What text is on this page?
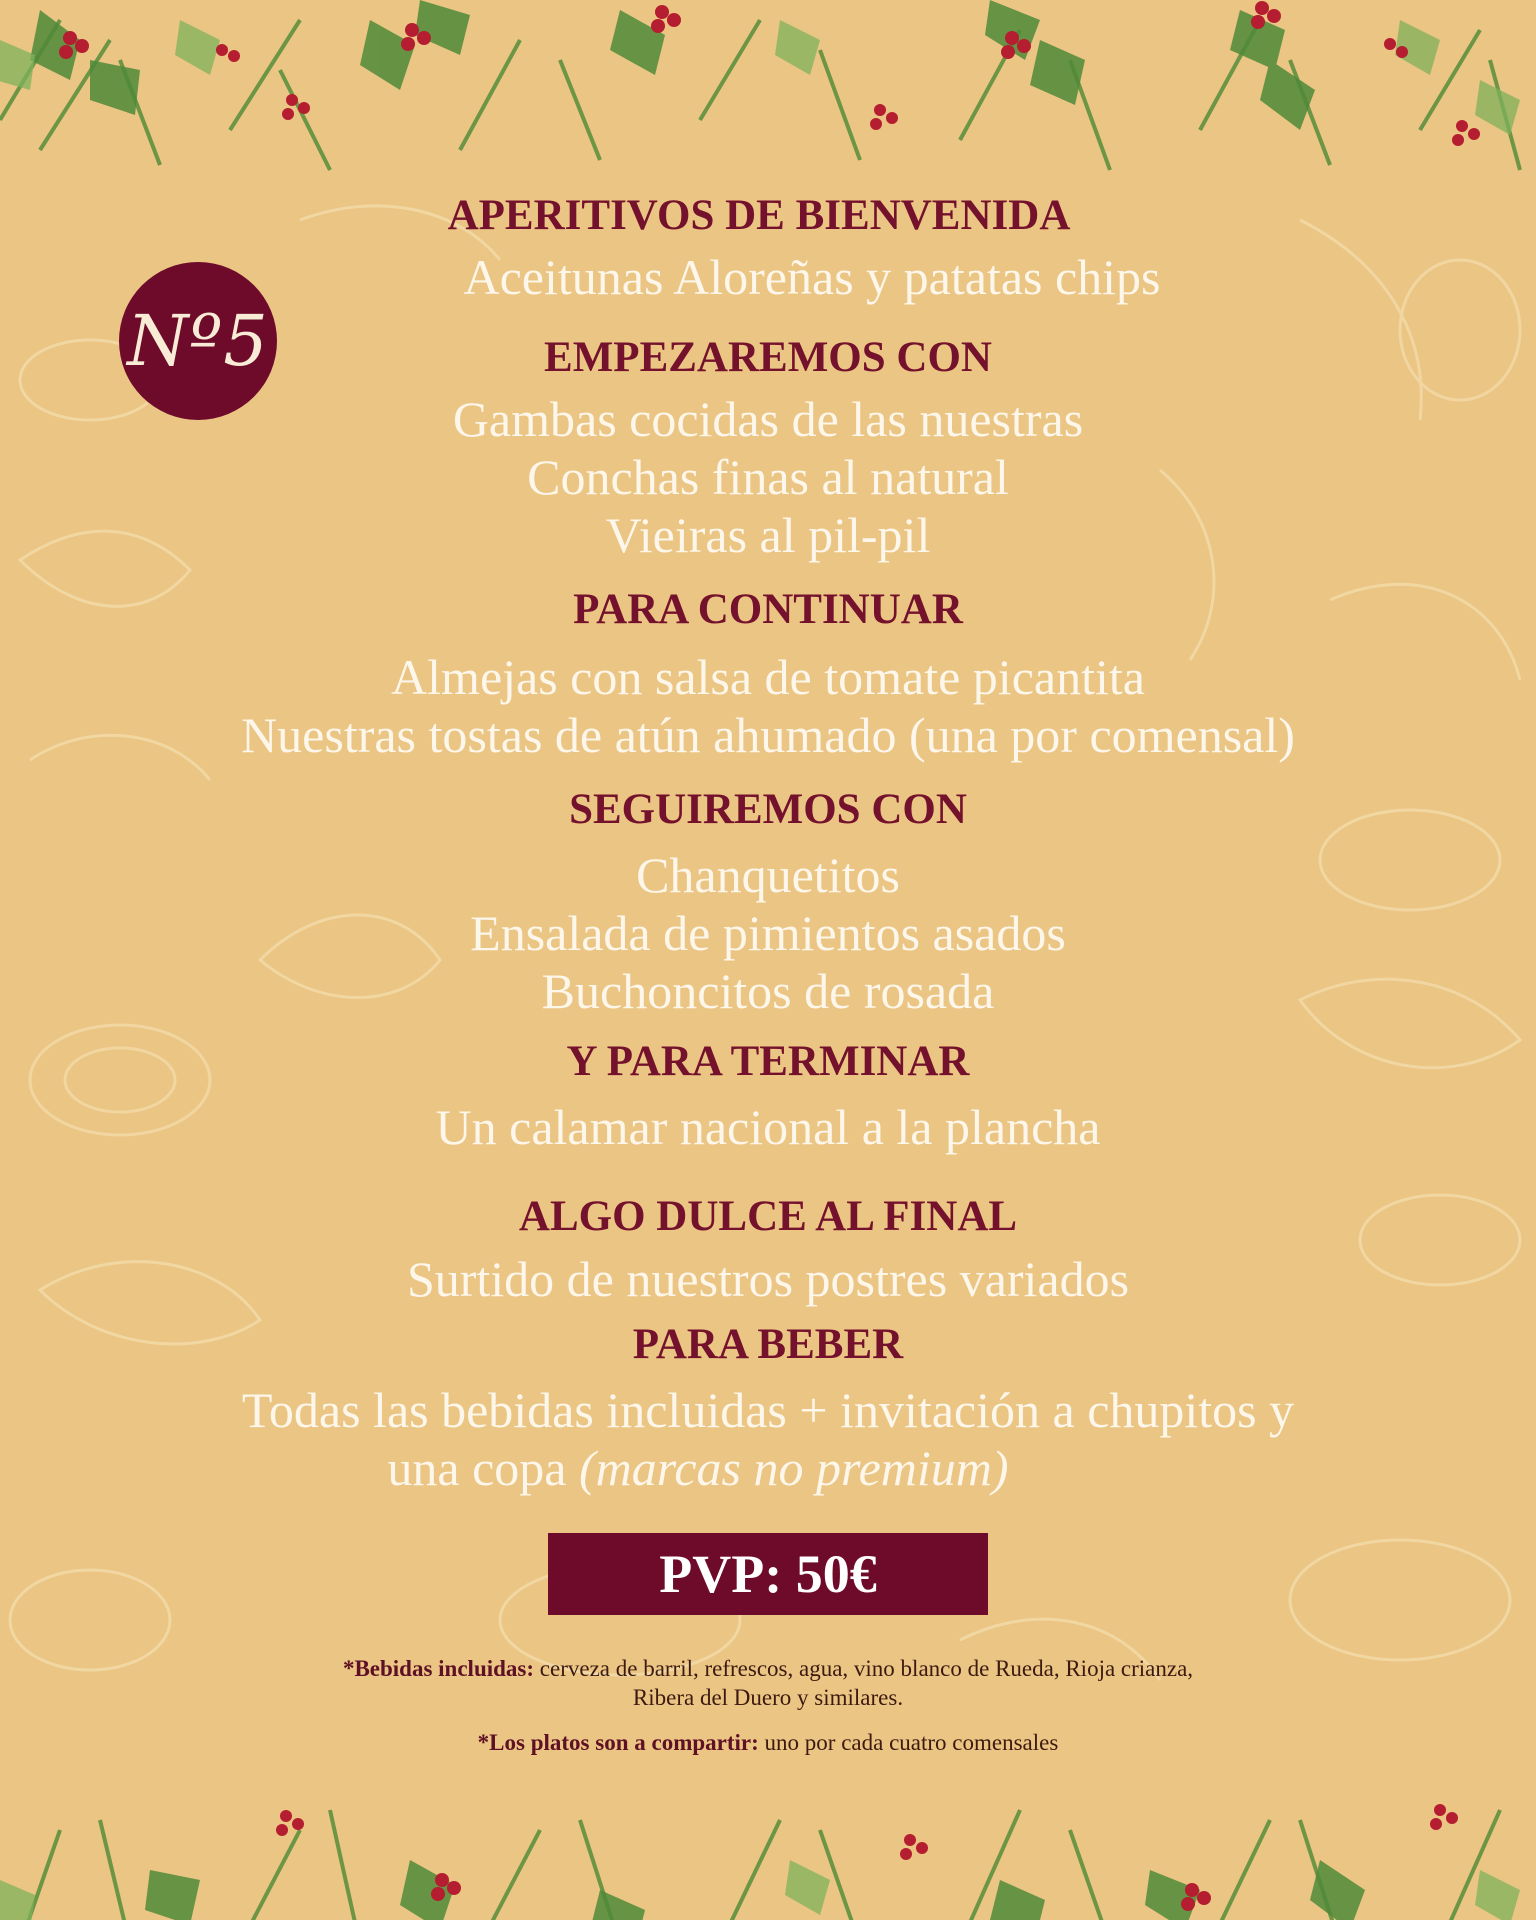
Nº5
APERITIVOS DE BIENVENIDA
Aceitunas Aloreñas y patatas chips
EMPEZAREMOS CON
Gambas cocidas de las nuestras
Conchas finas al natural
Vieiras al pil-pil
PARA CONTINUAR
Almejas con salsa de tomate picantita
Nuestras tostas de atún ahumado (una por comensal)
SEGUIREMOS CON
Chanquetitos
Ensalada de pimientos asados
Buchoncitos de rosada
Y PARA TERMINAR
Un calamar nacional a la plancha
ALGO DULCE AL FINAL
Surtido de nuestros postres variados
PARA BEBER
Todas las bebidas incluidas + invitación a chupitos y
una copa (marcas no premium)
PVP: 50€
*Bebidas incluidas: cerveza de barril, refrescos, agua, vino blanco de Rueda, Rioja crianza,
Ribera del Duero y similares.
*Los platos son a compartir: uno por cada cuatro comensales
